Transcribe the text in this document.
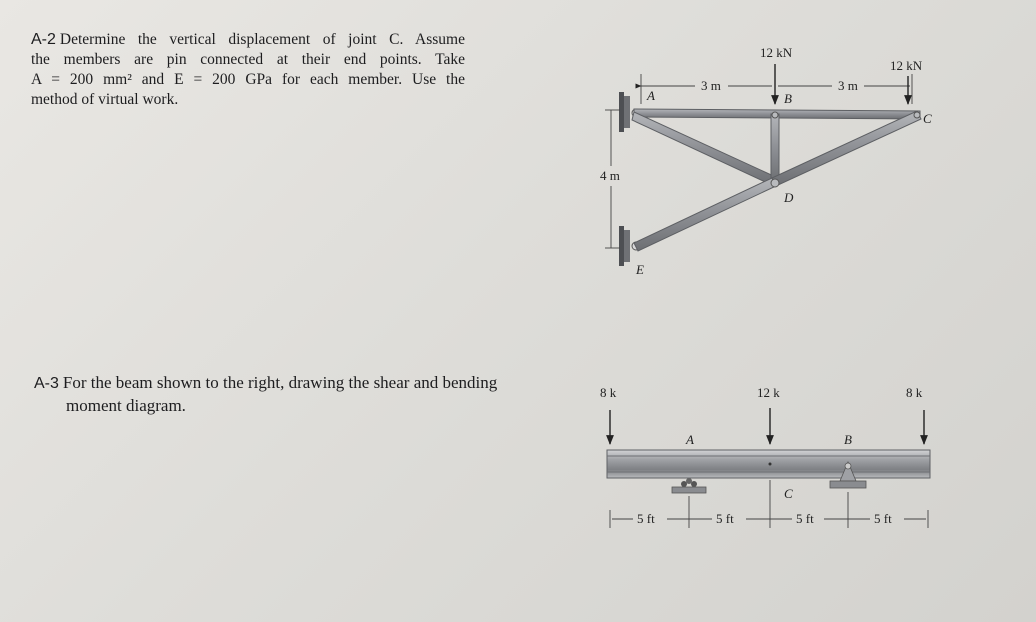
A-2 Determine the vertical displacement of joint C. Assume
the members are pin connected at their end points. Take
A = 200 mm² and E = 200 GPa for each member. Use the
method of virtual work.
A-3 For the beam shown to the right, drawing the shear and bending
moment diagram.
12 kN
12 kN
3 m	3 m
4 m
A	B
C
D
E
8 k	12 k	8 k
A	B
C
5 ft	5 ft	5 ft	5 ft
